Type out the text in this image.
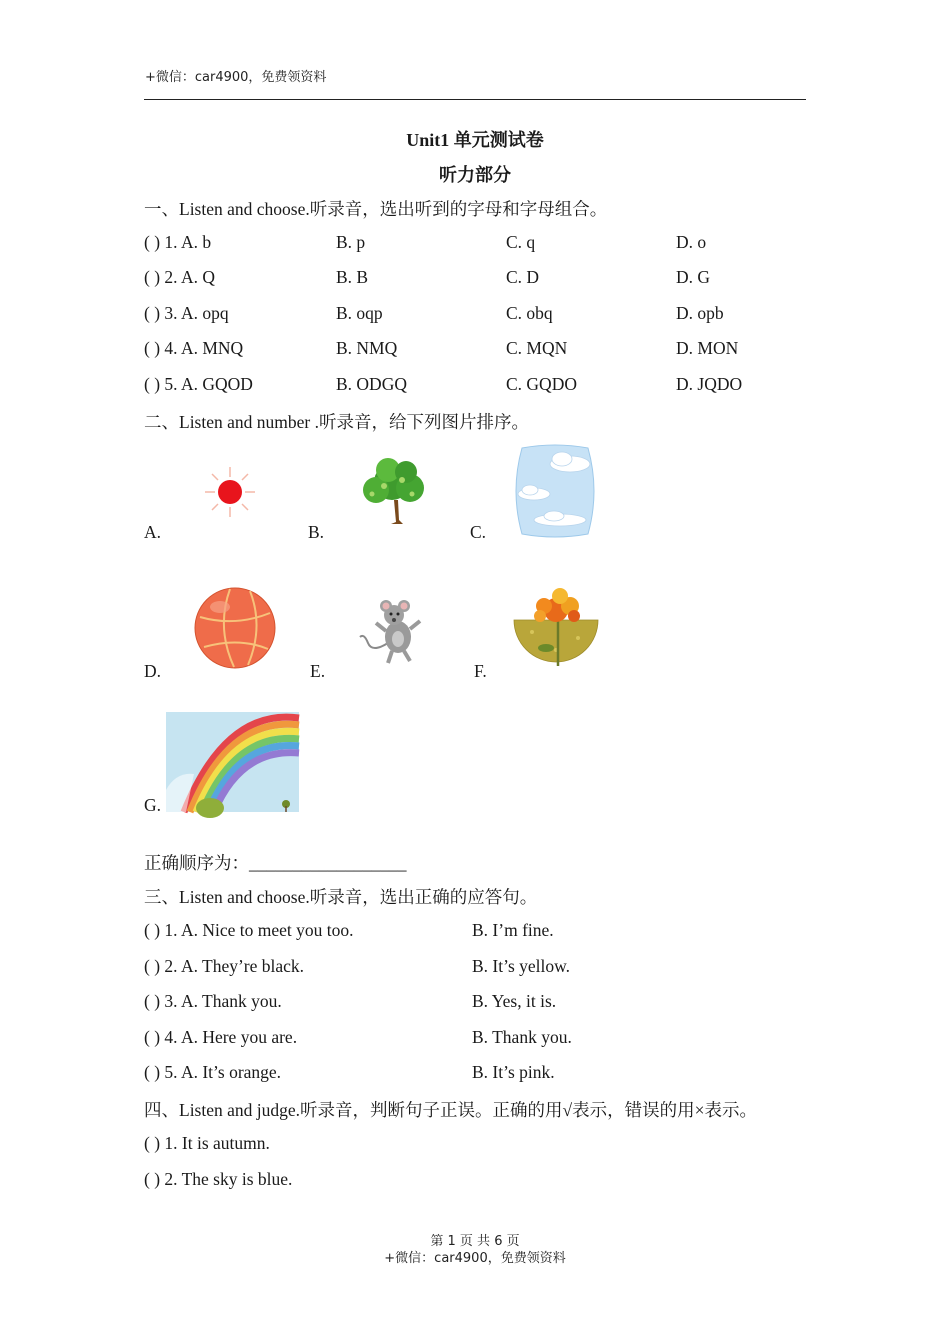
+微信：car4900，免费领资料
Unit1 单元测试卷
听力部分
一、Listen and choose.听录音，选出听到的字母和字母组合。
( ) 1. A. b	B. p	C. q	D. o
( ) 2. A. Q	B. B	C. D	D. G
( ) 3. A. opq	B. oqp	C. obq	D. opb
( ) 4. A. MNQ	B. NMQ	C. MQN	D. MON
( ) 5. A. GQOD	B. ODGQ	C. GQDO	D. JQDO
二、Listen and number .听录音，给下列图片排序。
A.	B.	C.
D.	E.	F.
G.
正确顺序为：__________________
三、Listen and choose.听录音，选出正确的应答句。
( ) 1. A. Nice to meet you too.	B. I’m fine.
( ) 2. A. They’re black.	B. It’s yellow.
( ) 3. A. Thank you.	B. Yes, it is.
( ) 4. A. Here you are.	B. Thank you.
( ) 5. A. It’s orange.	B. It’s pink.
四、Listen and judge.听录音，判断句子正误。正确的用√表示，错误的用×表示。
( ) 1. It is autumn.
( ) 2. The sky is blue.
第 1 页 共 6 页
+微信：car4900，免费领资料
